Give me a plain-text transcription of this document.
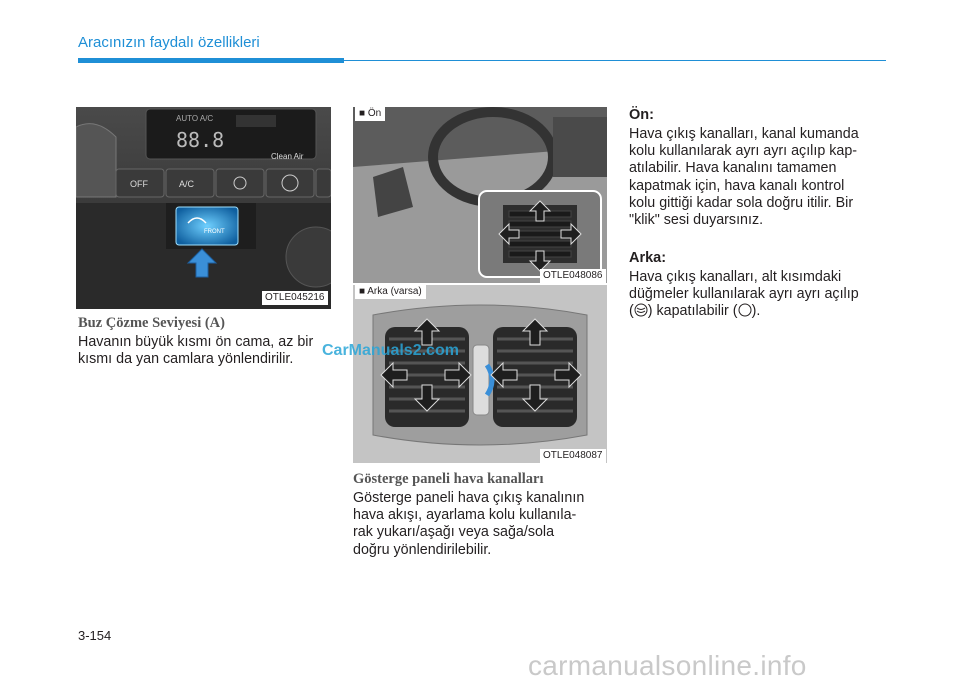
Aracınızın faydalı özellikleri
AUTO A/C
88.8
Clean Air
OFF	A/C
FRONT
OTLE045216
Buz Çözme Seviyesi (A)
Havanın büyük kısmı ön cama, az bir
kısmı da yan camlara yönlendirilir.
■ Ön
OTLE048086
■ Arka (varsa)
OTLE048087
Gösterge paneli hava kanalları
Gösterge paneli hava çıkış kanalının
hava akışı, ayarlama kolu kullanıla-
rak yukarı/aşağı veya sağa/sola
doğru yönlendirilebilir.
Ön:
Hava çıkış kanalları, kanal kumanda
kolu kullanılarak ayrı ayrı açılıp kap-
atılabilir. Hava kanalını tamamen
kapatmak için, hava kanalı kontrol
kolu gittiği kadar sola doğru itilir. Bir
"klik" sesi duyarsınız.
Arka:
Hava çıkış kanalları, alt kısımdaki
düğmeler kullanılarak ayrı ayrı açılıp
( ) kapatılabilir ( ).
3-154
CarManuals2.com
carmanualsonline.info
